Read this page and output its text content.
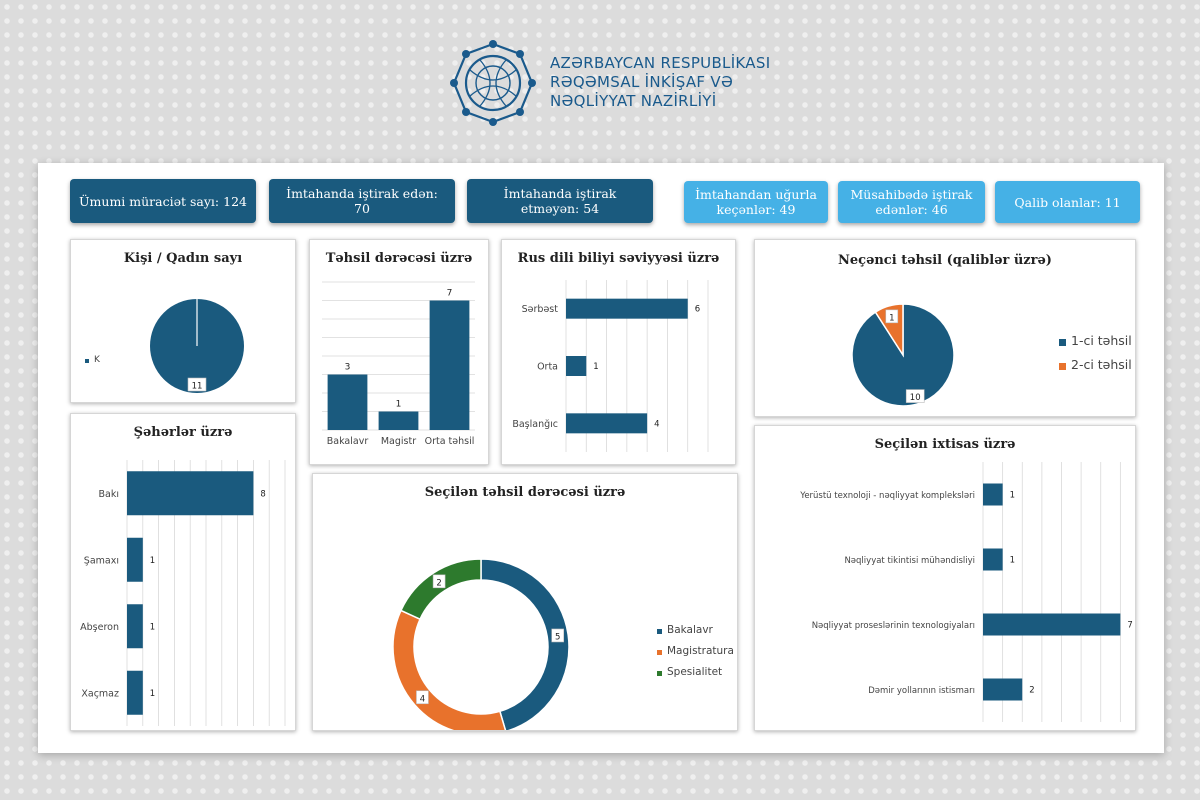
AZƏRBAYCAN RESPUBLİKASI
RƏQƏMSAL İNKİŞAF VƏ
NƏQLİYYAT NAZİRLİYİ
Ümumi müraciət sayı: 124	İmtahanda iştirak edən: 70
İmtahanda iştirak etməyən: 54
İmtahandan uğurla keçənlər: 49
Müsahibədə iştirak edənlər: 46	Qalib olanlar: 11
Kişi / Qadın sayı
11
K
Təhsil dərəcəsi üzrə
3
Bakalavr
1
Magistr
7
Orta təhsil
Rus dili biliyi səviyyəsi üzrə
6
Sərbəst
1
Orta
4
Başlanğıc
Neçənci təhsil (qaliblər üzrə)
10
1
1-ci təhsil
2-ci təhsil
Şəhərlər üzrə
8
Bakı
1
Şamaxı
1
Abşeron
1
Xaçmaz
Seçilən təhsil dərəcəsi üzrə
5
4
2
Bakalavr
Magistratura
Spesialitet
Seçilən ixtisas üzrə
1
Yerüstü texnoloji - nəqliyyat kompleksləri
1
Nəqliyyat tikintisi mühəndisliyi
7
Nəqliyyat proseslərinin texnologiyaları
2
Dəmir yollarının istismarı
